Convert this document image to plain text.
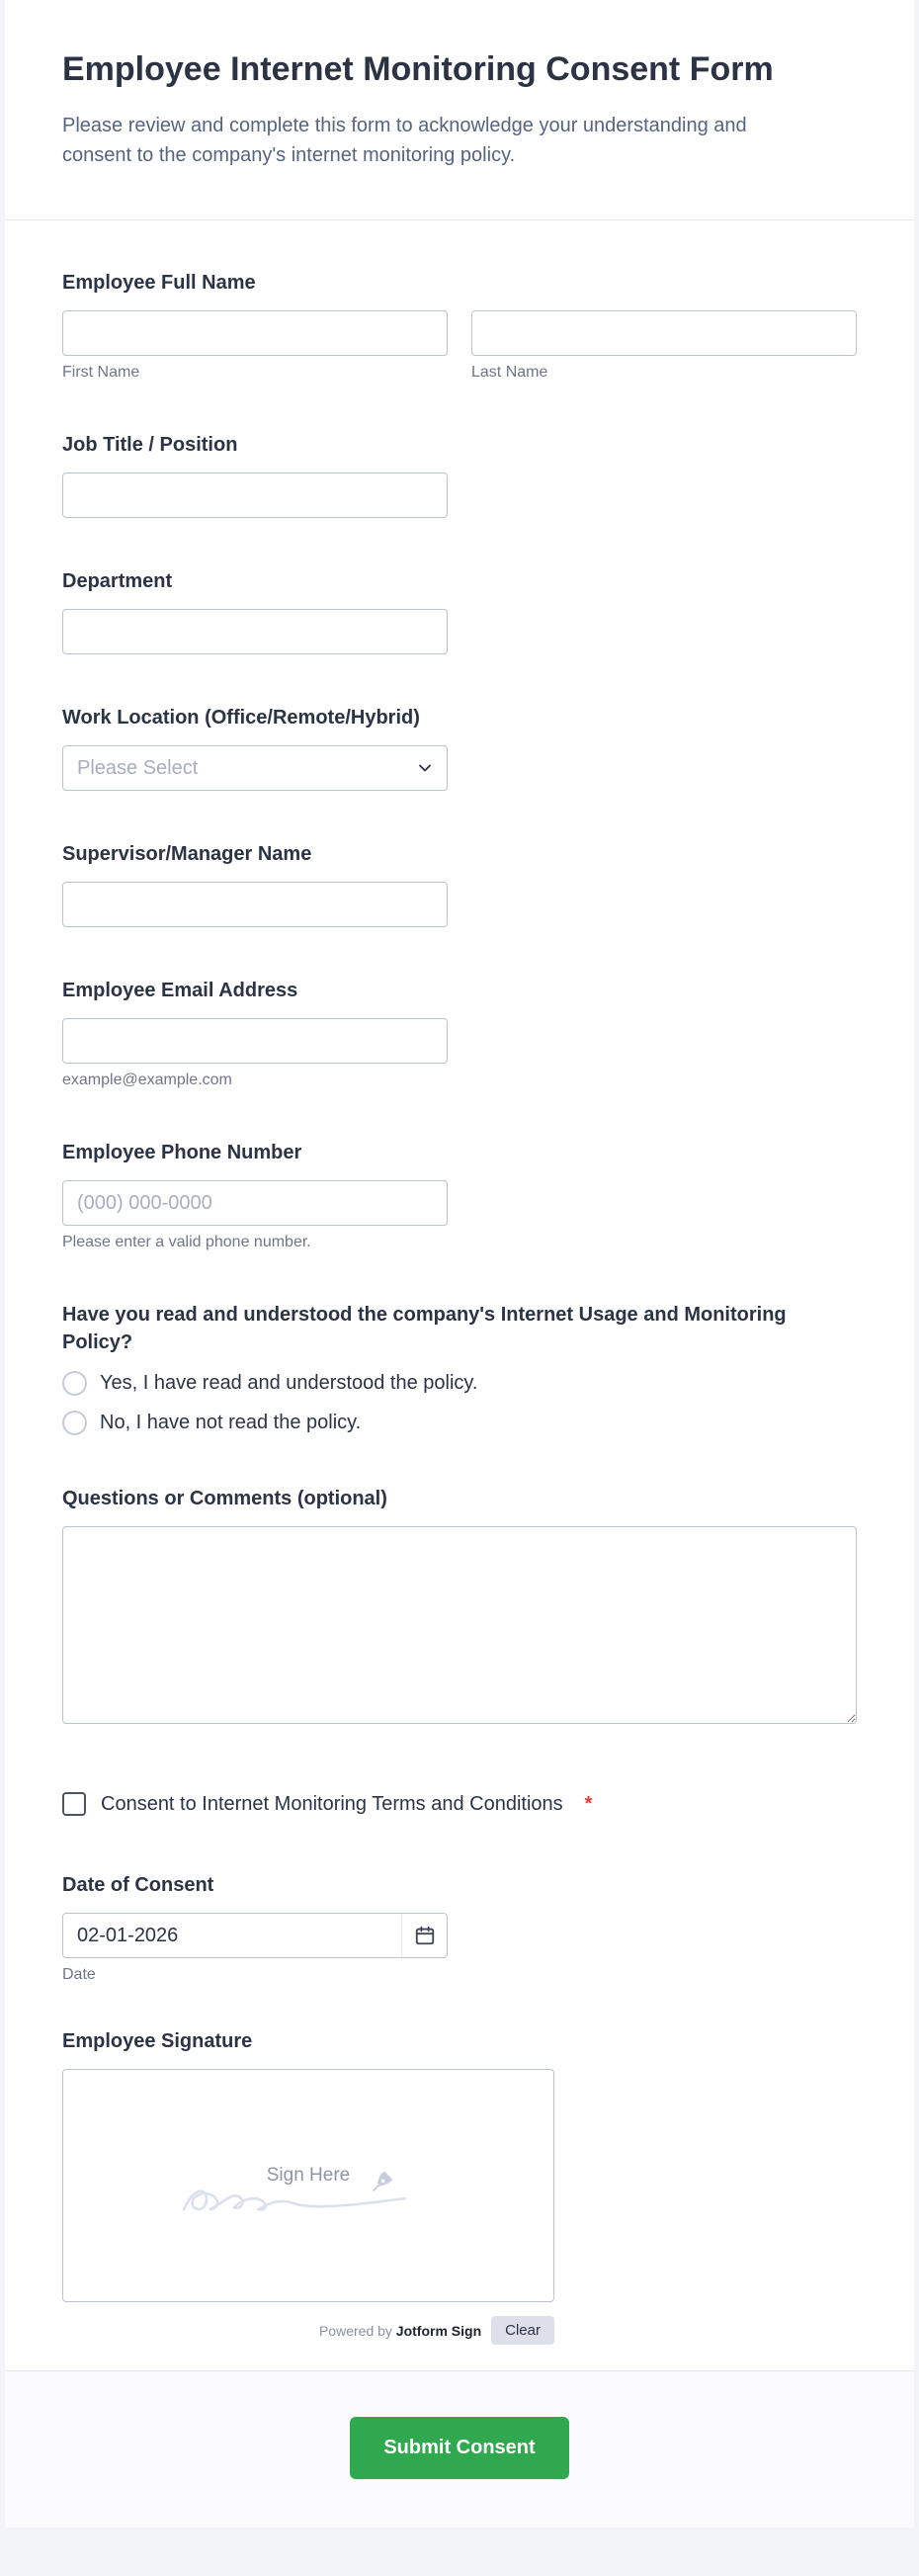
Employee Internet Monitoring Consent Form

Please review and complete this form to acknowledge your understanding and consent to the company's internet monitoring policy.

Employee Full Name
First Name	Last Name
Job Title / Position
Department
Work Location (Office/Remote/Hybrid)
Please Select
Supervisor/Manager Name
Employee Email Address
example@example.com
Employee Phone Number
(000) 000-0000
Please enter a valid phone number.
Have you read and understood the company's Internet Usage and Monitoring Policy?
Yes, I have read and understood the policy.
No, I have not read the policy.
Questions or Comments (optional)
Consent to Internet Monitoring Terms and Conditions *
Date of Consent
02-01-2026
Date
Employee Signature
Sign Here
Powered by Jotform Sign	Clear
Submit Consent
